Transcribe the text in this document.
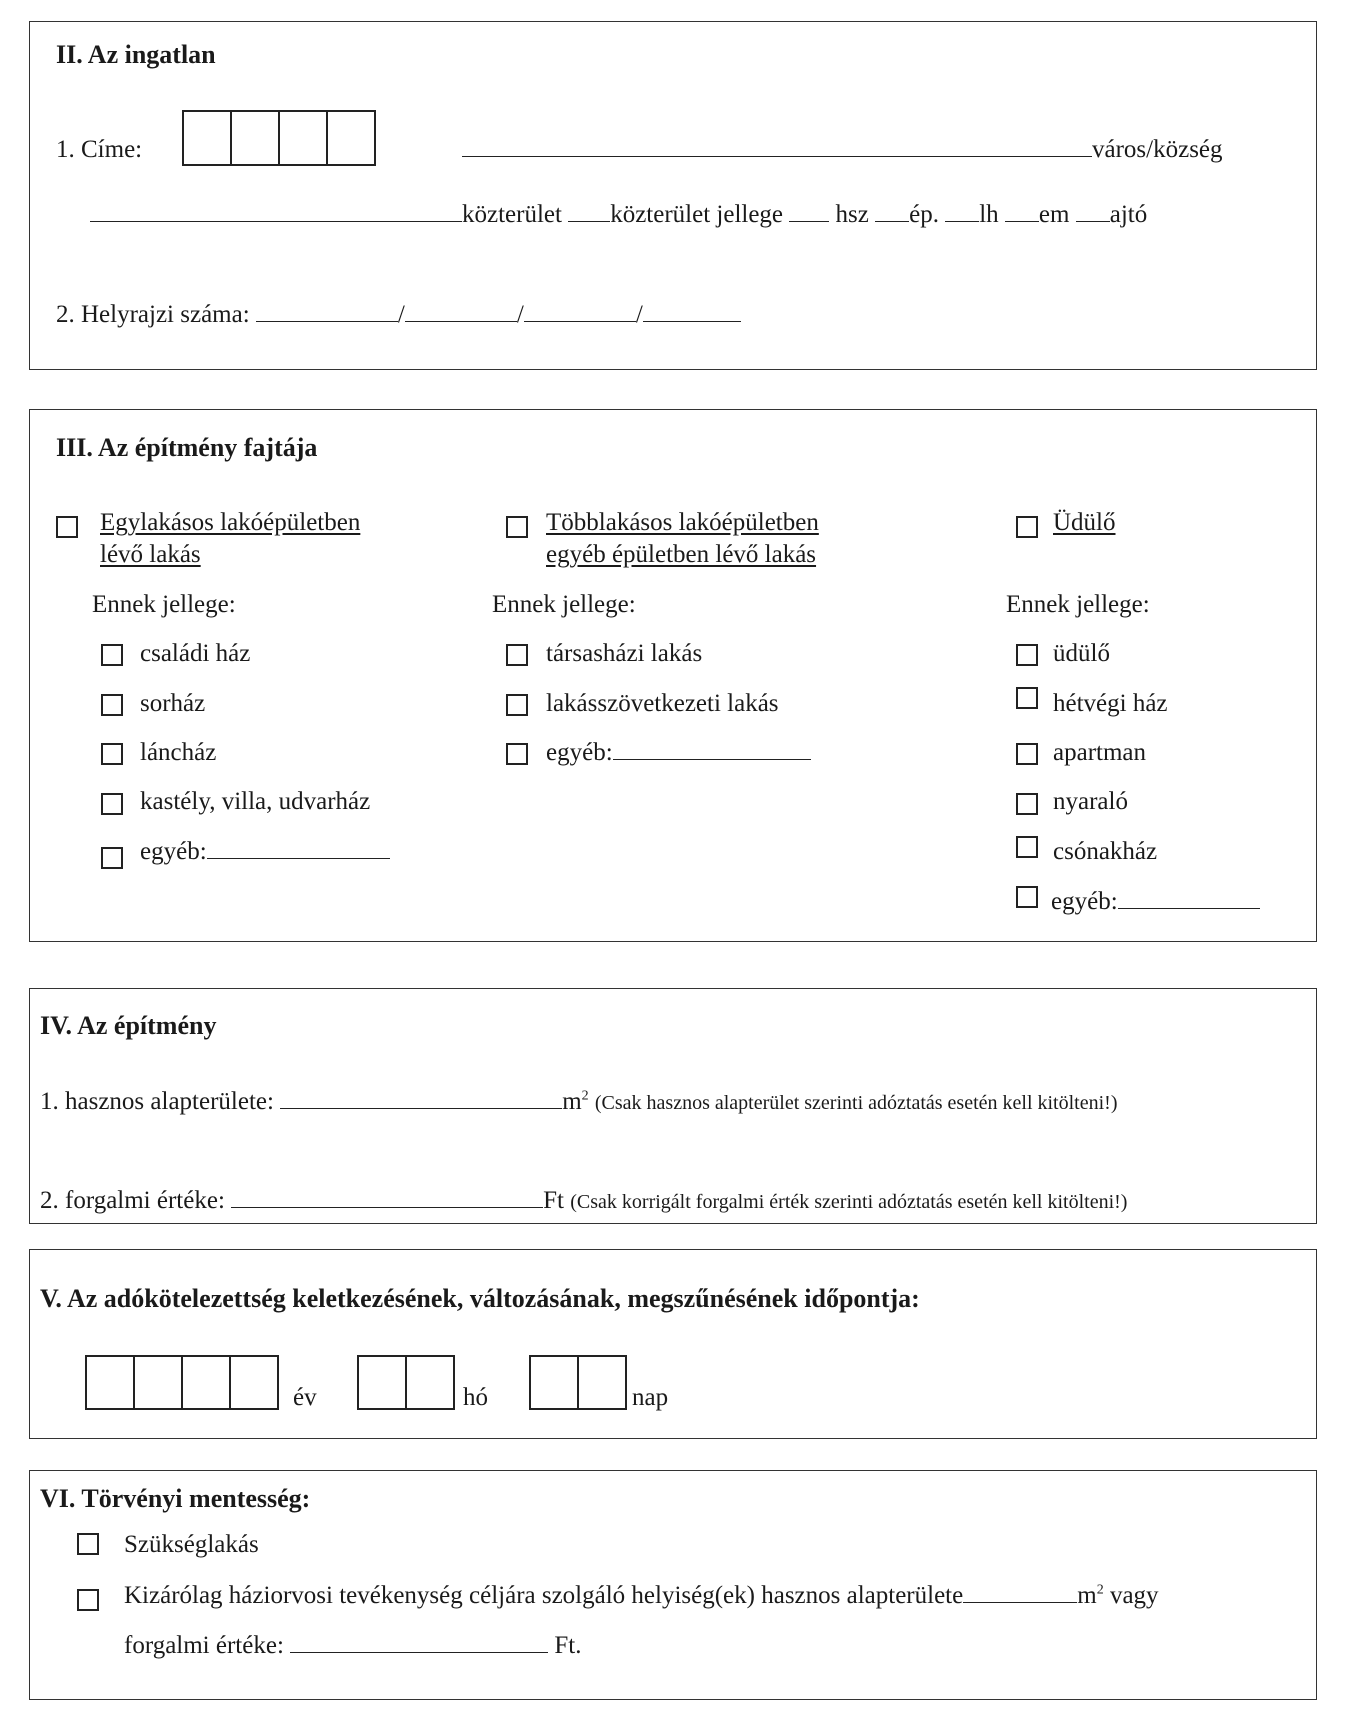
II. Az ingatlan
1. Címe:	város/község
közterület közterület jellege hsz ép. lh em ajtó
2. Helyrajzi száma:	/	/	/
III. Az építmény fajtája
Egylakásos lakóépületben
lévő lakás
Ennek jellege:
családi ház
sorház
láncház
kastély, villa, udvarház
egyéb:
Többlakásos lakóépületben
egyéb épületben lévő lakás
Ennek jellege:
társasházi lakás
lakásszövetkezeti lakás
egyéb:
Üdülő
Ennek jellege:
üdülő
hétvégi ház
apartman
nyaraló
csónakház
egyéb:
IV. Az építmény
1. hasznos alapterülete:	$m^2$ (Csak hasznos alapterület szerinti adóztatás esetén kell kitölteni!)
2. forgalmi értéke:	Ft (Csak korrigált forgalmi érték szerinti adóztatás esetén kell kitölteni!)
V. Az adókötelezettség keletkezésének, változásának, megszűnésének időpontja:
év	hó	nap
VI. Törvényi mentesség:
Szükséglakás
Kizárólag háziorvosi tevékenység céljára szolgáló helyiség(ek) hasznos alapterülete	$m^2$ vagy
forgalmi értéke:	Ft.
